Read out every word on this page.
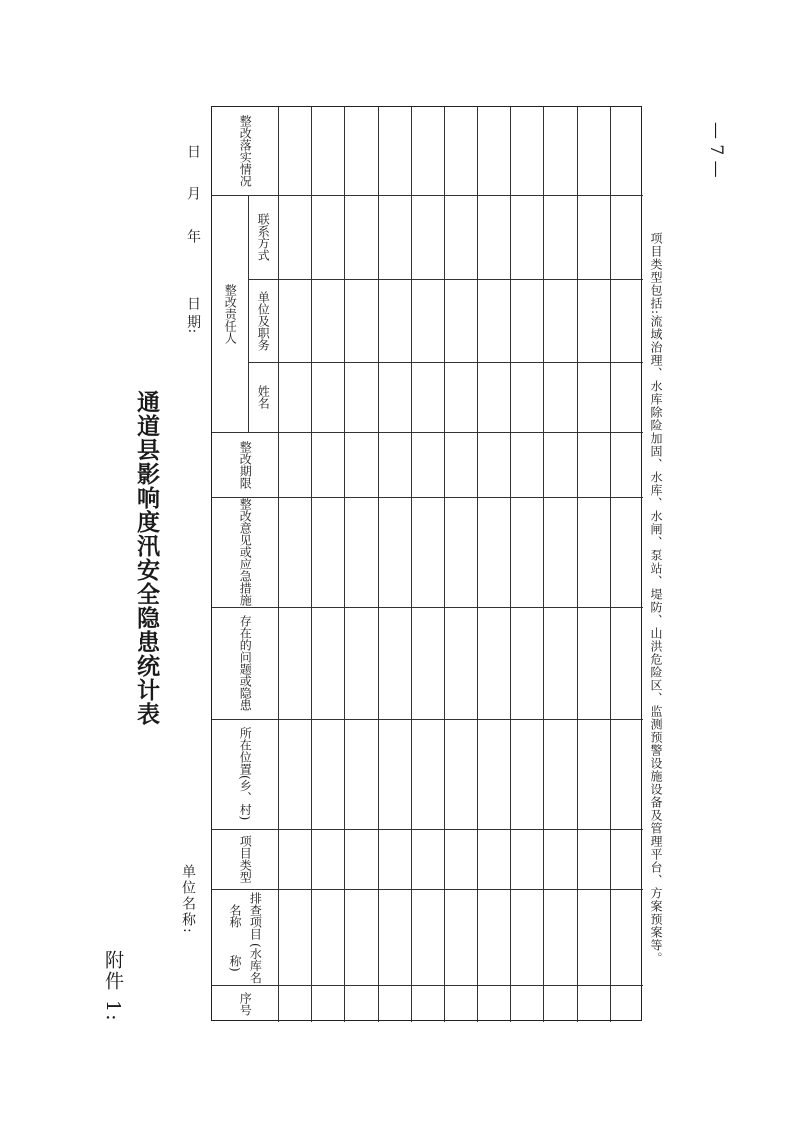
附件 1:
通道县影响度汛安全隐患统计表
单位名称:
日 期:
年
月
日
序号
排查项目名称
(水库名称)
项目类型
所在位置
(乡、村)
存在的问题或隐
患
整改意见或
应急措施
整改期限
整改责任人
姓名
单位及职务
联系方式
整改落实
情况
项目类型包括:流域治理、水库除险加固、水库、水闸、泵站、堤防、山洪危险区、监测预警设施设备及管理平台、方案预案等。
— 7 —
